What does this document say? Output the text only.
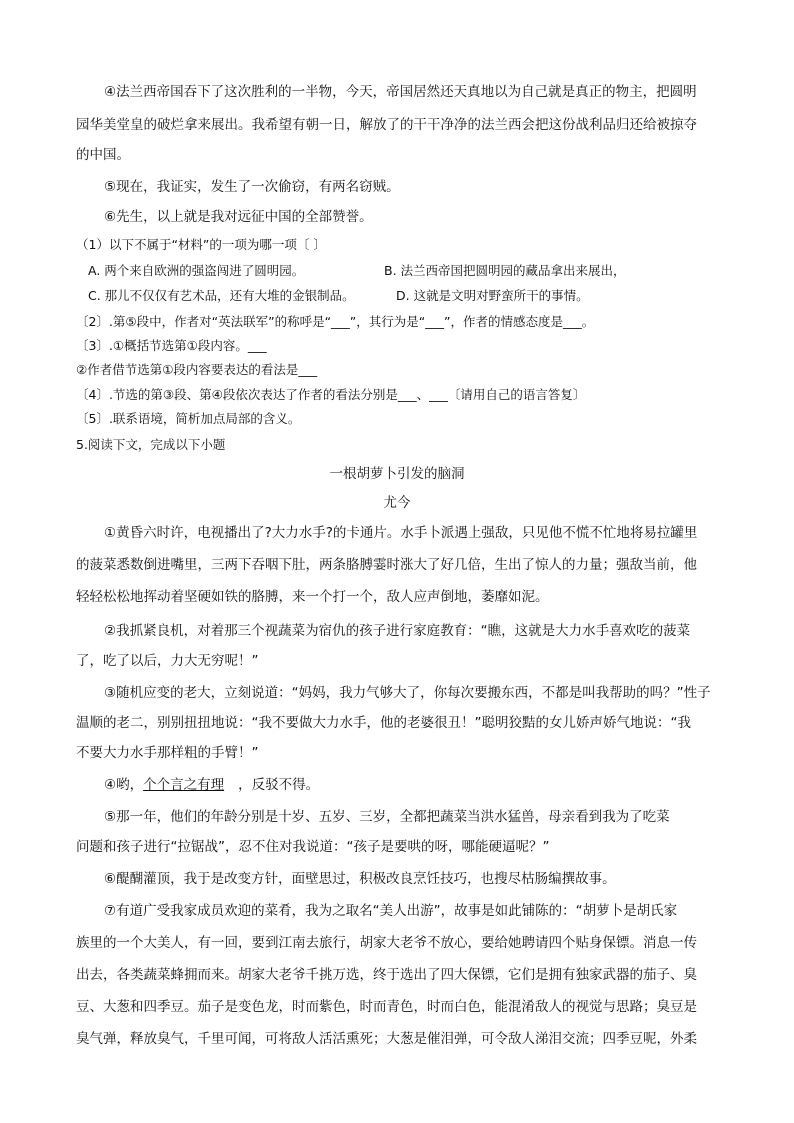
④法兰西帝国吞下了这次胜利的一半物，今天，帝国居然还天真地以为自己就是真正的物主，把圆明
园华美堂皇的破烂拿来展出。我希望有朝一日，解放了的干干净净的法兰西会把这份战利品归还给被掠夺
的中国。
⑤现在，我证实，发生了一次偷窃，有两名窃贼。
⑥先生，以上就是我对远征中国的全部赞誉。
（1）以下不属于“材料”的一项为哪一项〔 〕
A. 两个来自欧洲的强盗闯进了圆明园。	B. 法兰西帝国把圆明园的藏品拿出来展出，
C. 那儿不仅仅有艺术品，还有大堆的金银制品。	D. 这就是文明对野蛮所干的事情。
〔2〕.第⑤段中，作者对“英法联军”的称呼是“___”，其行为是“___”，作者的情感态度是___。
〔3〕.①概括节选第①段内容。___
②作者借节选第①段内容要表达的看法是___
〔4〕.节选的第③段、第④段依次表达了作者的看法分别是___、___〔请用自己的语言答复〕
〔5〕.联系语境，简析加点局部的含义。
5.阅读下文，完成以下小题
一根胡萝卜引发的脑洞
尤今
①黄昏六时许，电视播出了?大力水手?的卡通片。水手卜派遇上强敌，只见他不慌不忙地将易拉罐里
的菠菜悉数倒进嘴里，三两下吞咽下肚，两条胳膊霎时涨大了好几倍，生出了惊人的力量；强敌当前，他
轻轻松松地挥动着坚硬如铁的胳膊，来一个打一个，敌人应声倒地，萎靡如泥。
②我抓紧良机，对着那三个视蔬菜为宿仇的孩子进行家庭教育：“瞧，这就是大力水手喜欢吃的菠菜
了，吃了以后，力大无穷呢！”
③随机应变的老大，立刻说道：“妈妈，我力气够大了，你每次要搬东西，不都是叫我帮助的吗？”性子
温顺的老二，别别扭扭地说：“我不要做大力水手，他的老婆很丑！”聪明狡黠的女儿娇声娇气地说：“我
不要大力水手那样粗的手臂！”
④哟，个个言之有理 ，反驳不得。
⑤那一年，他们的年龄分别是十岁、五岁、三岁，全都把蔬菜当洪水猛兽，母亲看到我为了吃菜
问题和孩子进行“拉锯战”，忍不住对我说道：“孩子是要哄的呀，哪能硬逼呢？”
⑥醍醐灌顶，我于是改变方针，面壁思过，积极改良烹饪技巧，也搜尽枯肠编撰故事。
⑦有道广受我家成员欢迎的菜肴，我为之取名“美人出游”，故事是如此铺陈的：“胡萝卜是胡氏家
族里的一个大美人，有一回，要到江南去旅行，胡家大老爷不放心，要给她聘请四个贴身保镖。消息一传
出去，各类蔬菜蜂拥而来。胡家大老爷千挑万选，终于选出了四大保镖，它们是拥有独家武器的茄子、臭
豆、大葱和四季豆。茄子是变色龙，时而紫色，时而青色，时而白色，能混淆敌人的视觉与思路；臭豆是
臭气弹，释放臭气，千里可闻，可将敌人活活熏死；大葱是催泪弹，可令敌人涕泪交流；四季豆呢，外柔
